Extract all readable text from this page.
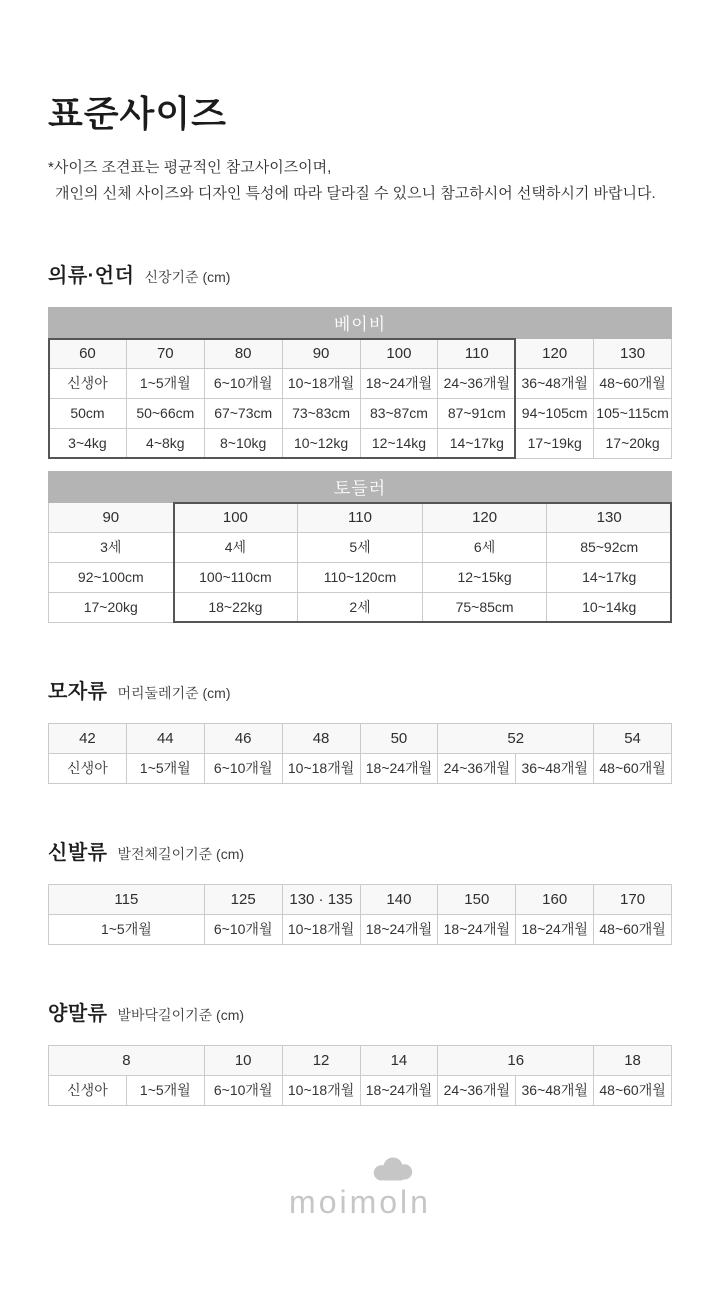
표준사이즈

*사이즈 조견표는 평균적인 참고사이즈이며,
개인의 신체 사이즈와 디자인 특성에 따라 달라질 수 있으니 참고하시어 선택하시기 바랍니다.

의류·언더 신장기준 (cm)
베이비							
60	70	80	90	100	110	120	130
신생아	1~5개월	6~10개월	10~18개월	18~24개월	24~36개월	36~48개월	48~60개월
50cm	50~66cm	67~73cm	73~83cm	83~87cm	87~91cm	94~105cm	105~115cm
3~4kg	4~8kg	8~10kg	10~12kg	12~14kg	14~17kg	17~19kg	17~20kg
토들러				
90	100	110	120	130
3세	4세	5세	6세	85~92cm
92~100cm	100~110cm	110~120cm	12~15kg	14~17kg
17~20kg	18~22kg	2세	75~85cm	10~14kg
모자류 머리둘레기준 (cm)
42	44	46	48	50	52		54
신생아	1~5개월	6~10개월	10~18개월	18~24개월	24~36개월	36~48개월	48~60개월
신발류 발전체길이기준 (cm)
115	125	130 · 135	140	150	160	170
1~5개월	6~10개월	10~18개월	18~24개월	18~24개월	18~24개월	48~60개월
양말류 발바닥길이기준 (cm)
8		10	12	14	16		18
신생아	1~5개월	6~10개월	10~18개월	18~24개월	24~36개월	36~48개월	48~60개월
moimoln
